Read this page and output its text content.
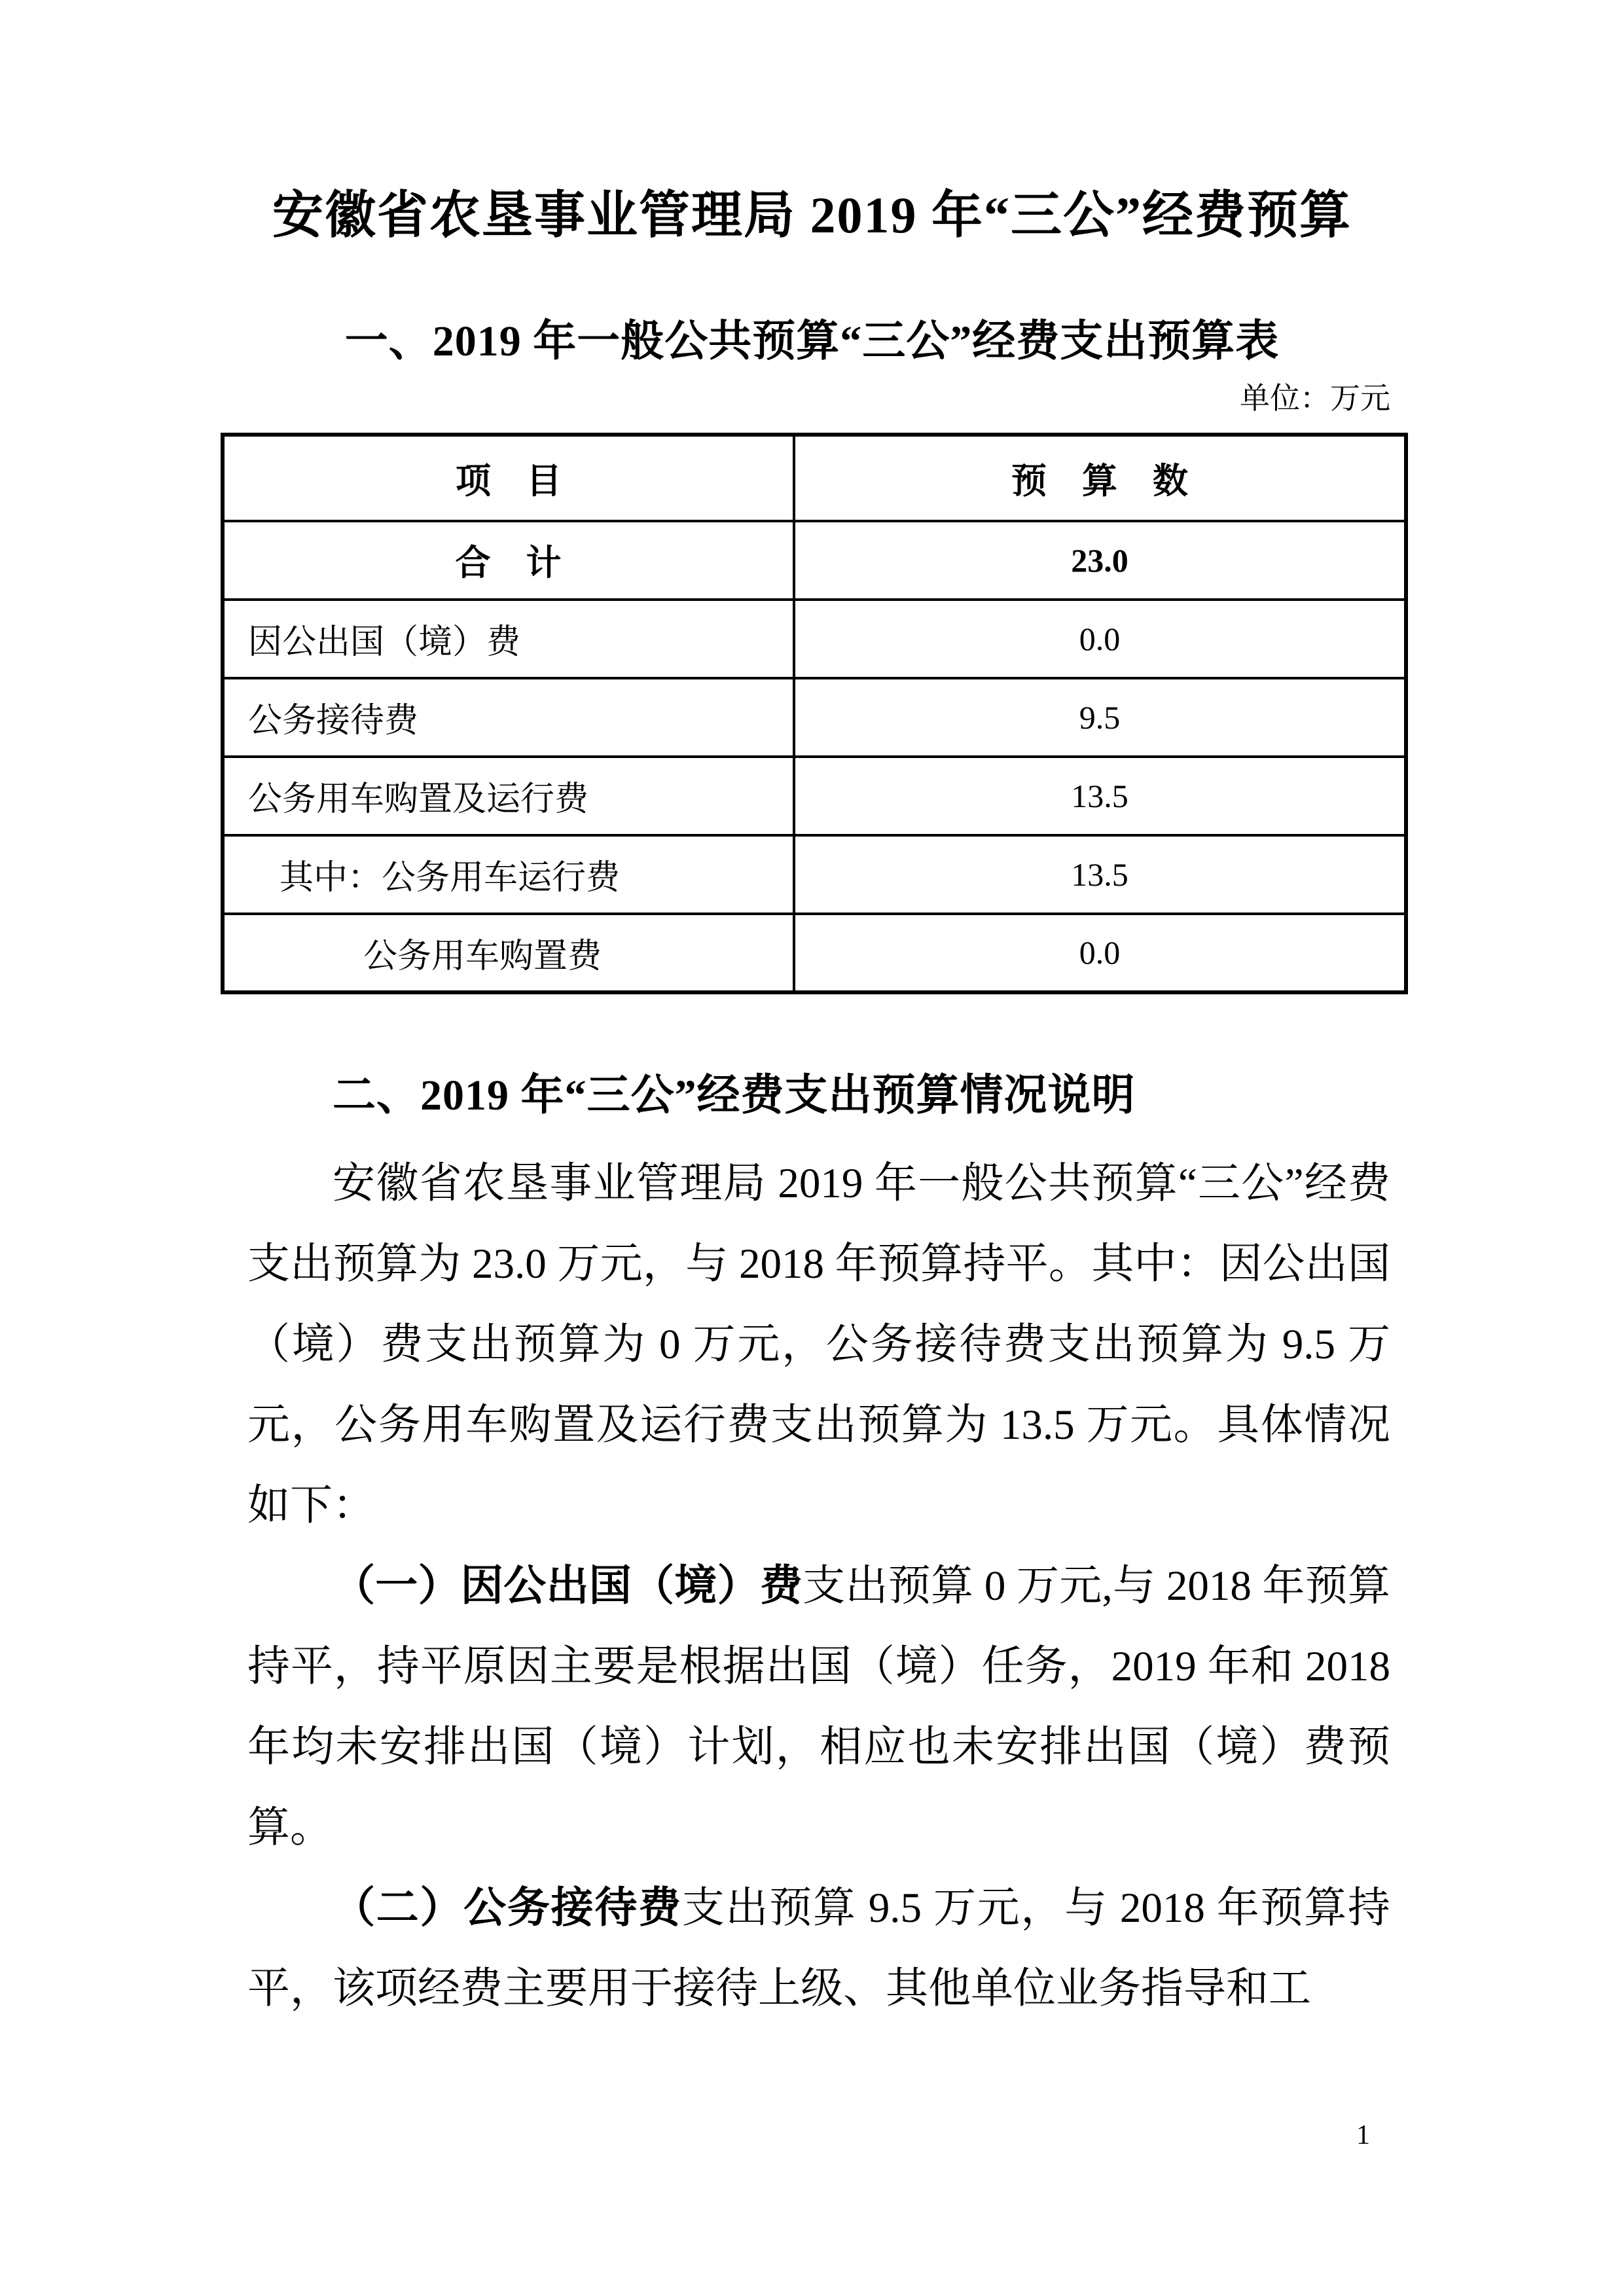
安徽省农垦事业管理局 2019 年“三公”经费预算
一、2019 年一般公共预算“三公”经费支出预算表
单位：万元
项　目	预　算　数
合　计	23.0
因公出国（境）费	0.0
公务接待费	9.5
公务用车购置及运行费	13.5
其中：公务用车运行费	13.5
公务用车购置费	0.0
二、2019 年“三公”经费支出预算情况说明

安徽省农垦事业管理局 2019 年一般公共预算“三公”经费支出预算为 23.0 万元，与 2018 年预算持平。其中：因公出国（境）费支出预算为 0 万元，公务接待费支出预算为 9.5 万元，公务用车购置及运行费支出预算为 13.5 万元。具体情况如下：

（一）因公出国（境）费支出预算 0 万元,与 2018 年预算持平，持平原因主要是根据出国（境）任务，2019 年和 2018 年均未安排出国（境）计划，相应也未安排出国（境）费预算。

（二）公务接待费支出预算 9.5 万元，与 2018 年预算持平，该项经费主要用于接待上级、其他单位业务指导和工

1
